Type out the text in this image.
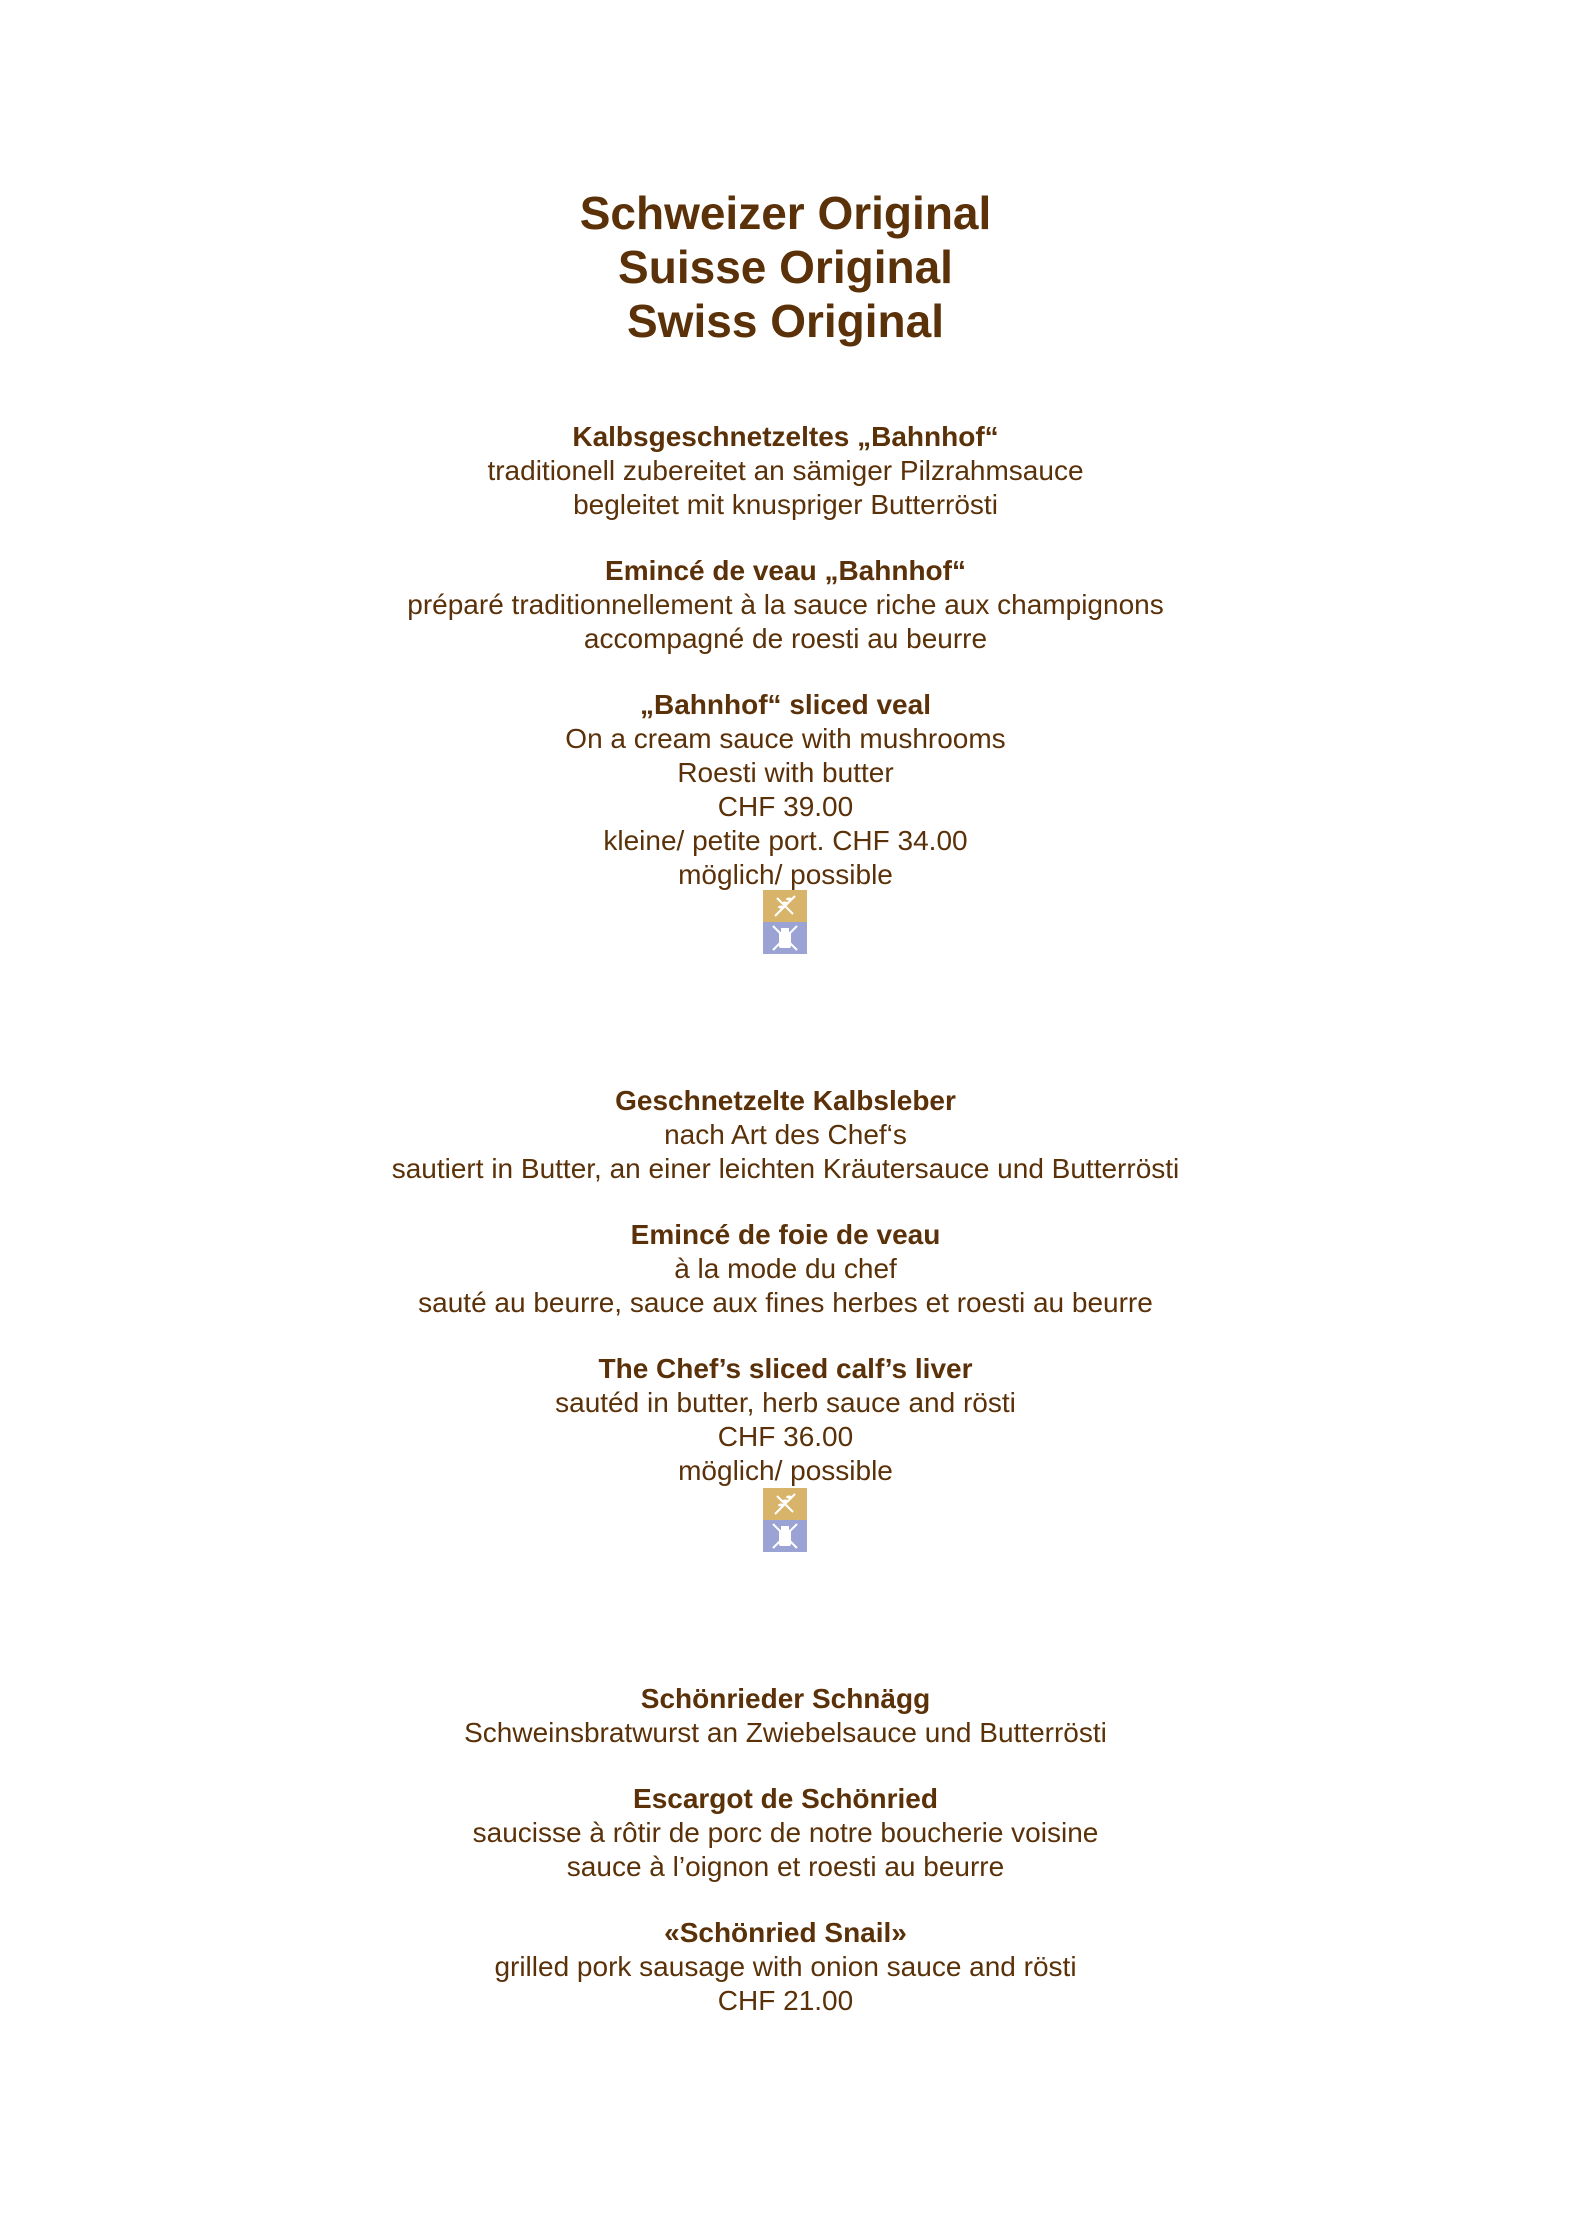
Schweizer Original
Suisse Original
Swiss Original
Kalbsgeschnetzeltes „Bahnhof“
traditionell zubereitet an sämiger Pilzrahmsauce
begleitet mit knuspriger Butterrösti
Emincé de veau „Bahnhof“
préparé traditionnellement à la sauce riche aux champignons
accompagné de roesti au beurre
„Bahnhof“ sliced veal
On a cream sauce with mushrooms
Roesti with butter
CHF 39.00
kleine/ petite port. CHF 34.00
möglich/ possible
Geschnetzelte Kalbsleber
nach Art des Chef‘s
sautiert in Butter, an einer leichten Kräutersauce und Butterrösti
Emincé de foie de veau
à la mode du chef
sauté au beurre, sauce aux fines herbes et roesti au beurre
The Chef’s sliced calf’s liver
sautéd in butter, herb sauce and rösti
CHF 36.00
möglich/ possible
Schönrieder Schnägg
Schweinsbratwurst an Zwiebelsauce und Butterrösti
Escargot de Schönried
saucisse à rôtir de porc de notre boucherie voisine
sauce à l’oignon et roesti au beurre
«Schönried Snail»
grilled pork sausage with onion sauce and rösti
CHF 21.00
